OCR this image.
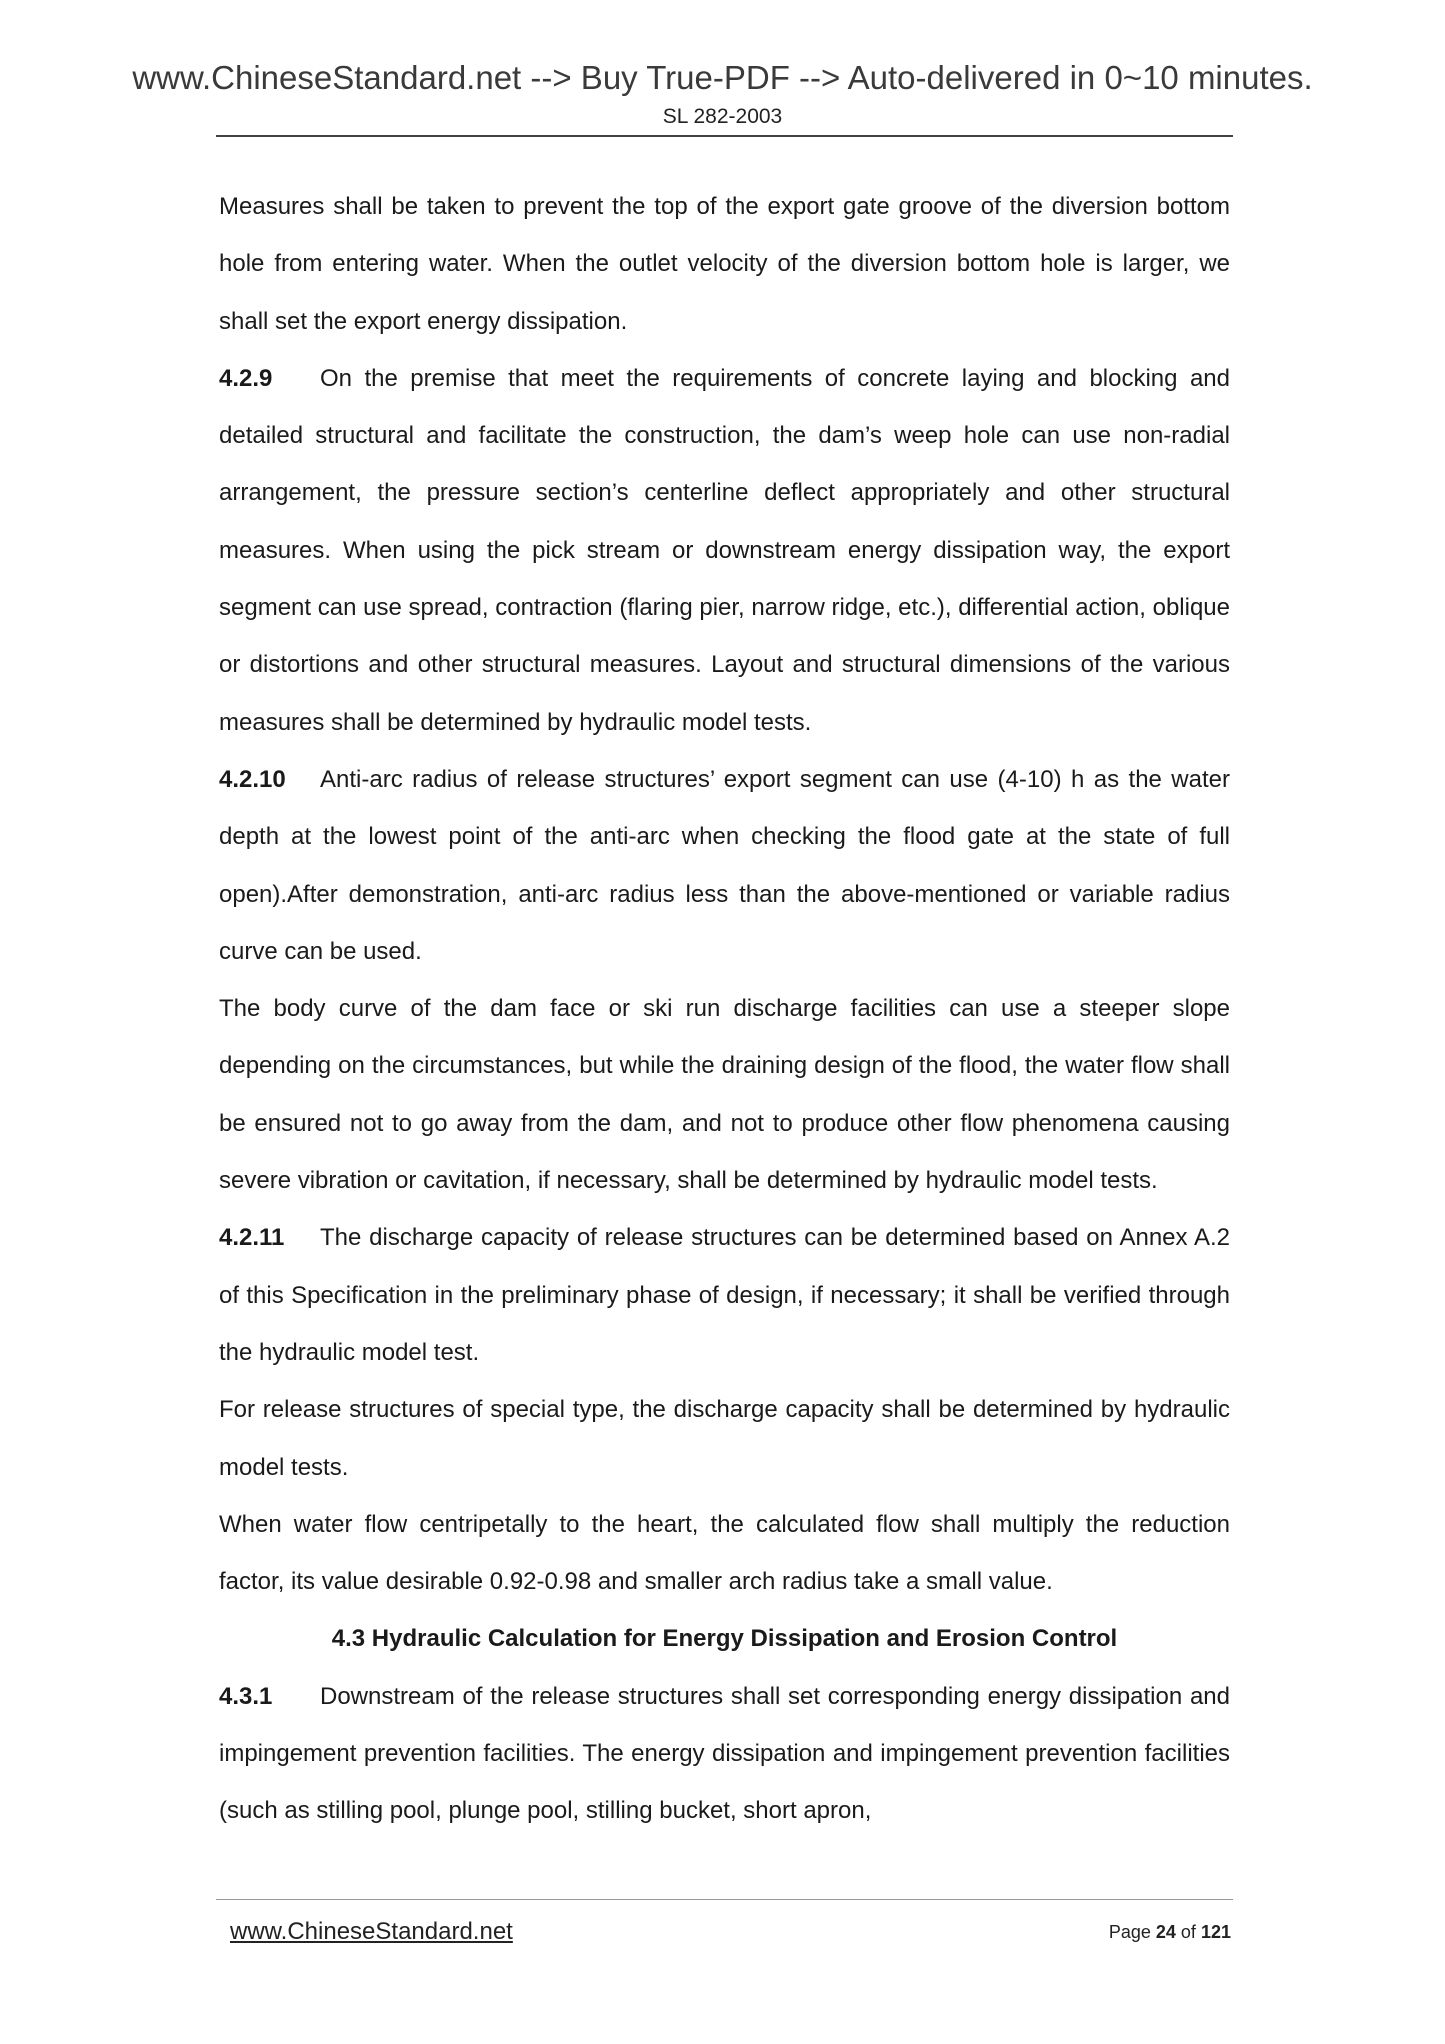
www.ChineseStandard.net --> Buy True-PDF --> Auto-delivered in 0~10 minutes.
SL 282-2003

Measures shall be taken to prevent the top of the export gate groove of the diversion bottom hole from entering water. When the outlet velocity of the diversion bottom hole is larger, we shall set the export energy dissipation.

4.2.9 On the premise that meet the requirements of concrete laying and blocking and detailed structural and facilitate the construction, the dam’s weep hole can use non-radial arrangement, the pressure section’s centerline deflect appropriately and other structural measures. When using the pick stream or downstream energy dissipation way, the export segment can use spread, contraction (flaring pier, narrow ridge, etc.), differential action, oblique or distortions and other structural measures. Layout and structural dimensions of the various measures shall be determined by hydraulic model tests.

4.2.10 Anti-arc radius of release structures’ export segment can use (4-10) h as the water depth at the lowest point of the anti-arc when checking the flood gate at the state of full open).After demonstration, anti-arc radius less than the above-mentioned or variable radius curve can be used.

The body curve of the dam face or ski run discharge facilities can use a steeper slope depending on the circumstances, but while the draining design of the flood, the water flow shall be ensured not to go away from the dam, and not to produce other flow phenomena causing severe vibration or cavitation, if necessary, shall be determined by hydraulic model tests.

4.2.11 The discharge capacity of release structures can be determined based on Annex A.2 of this Specification in the preliminary phase of design, if necessary; it shall be verified through the hydraulic model test.

For release structures of special type, the discharge capacity shall be determined by hydraulic model tests.

When water flow centripetally to the heart, the calculated flow shall multiply the reduction factor, its value desirable 0.92-0.98 and smaller arch radius take a small value.

4.3 Hydraulic Calculation for Energy Dissipation and Erosion Control

4.3.1 Downstream of the release structures shall set corresponding energy dissipation and impingement prevention facilities. The energy dissipation and impingement prevention facilities (such as stilling pool, plunge pool, stilling bucket, short apron,

www.ChineseStandard.net	Page 24 of 121
